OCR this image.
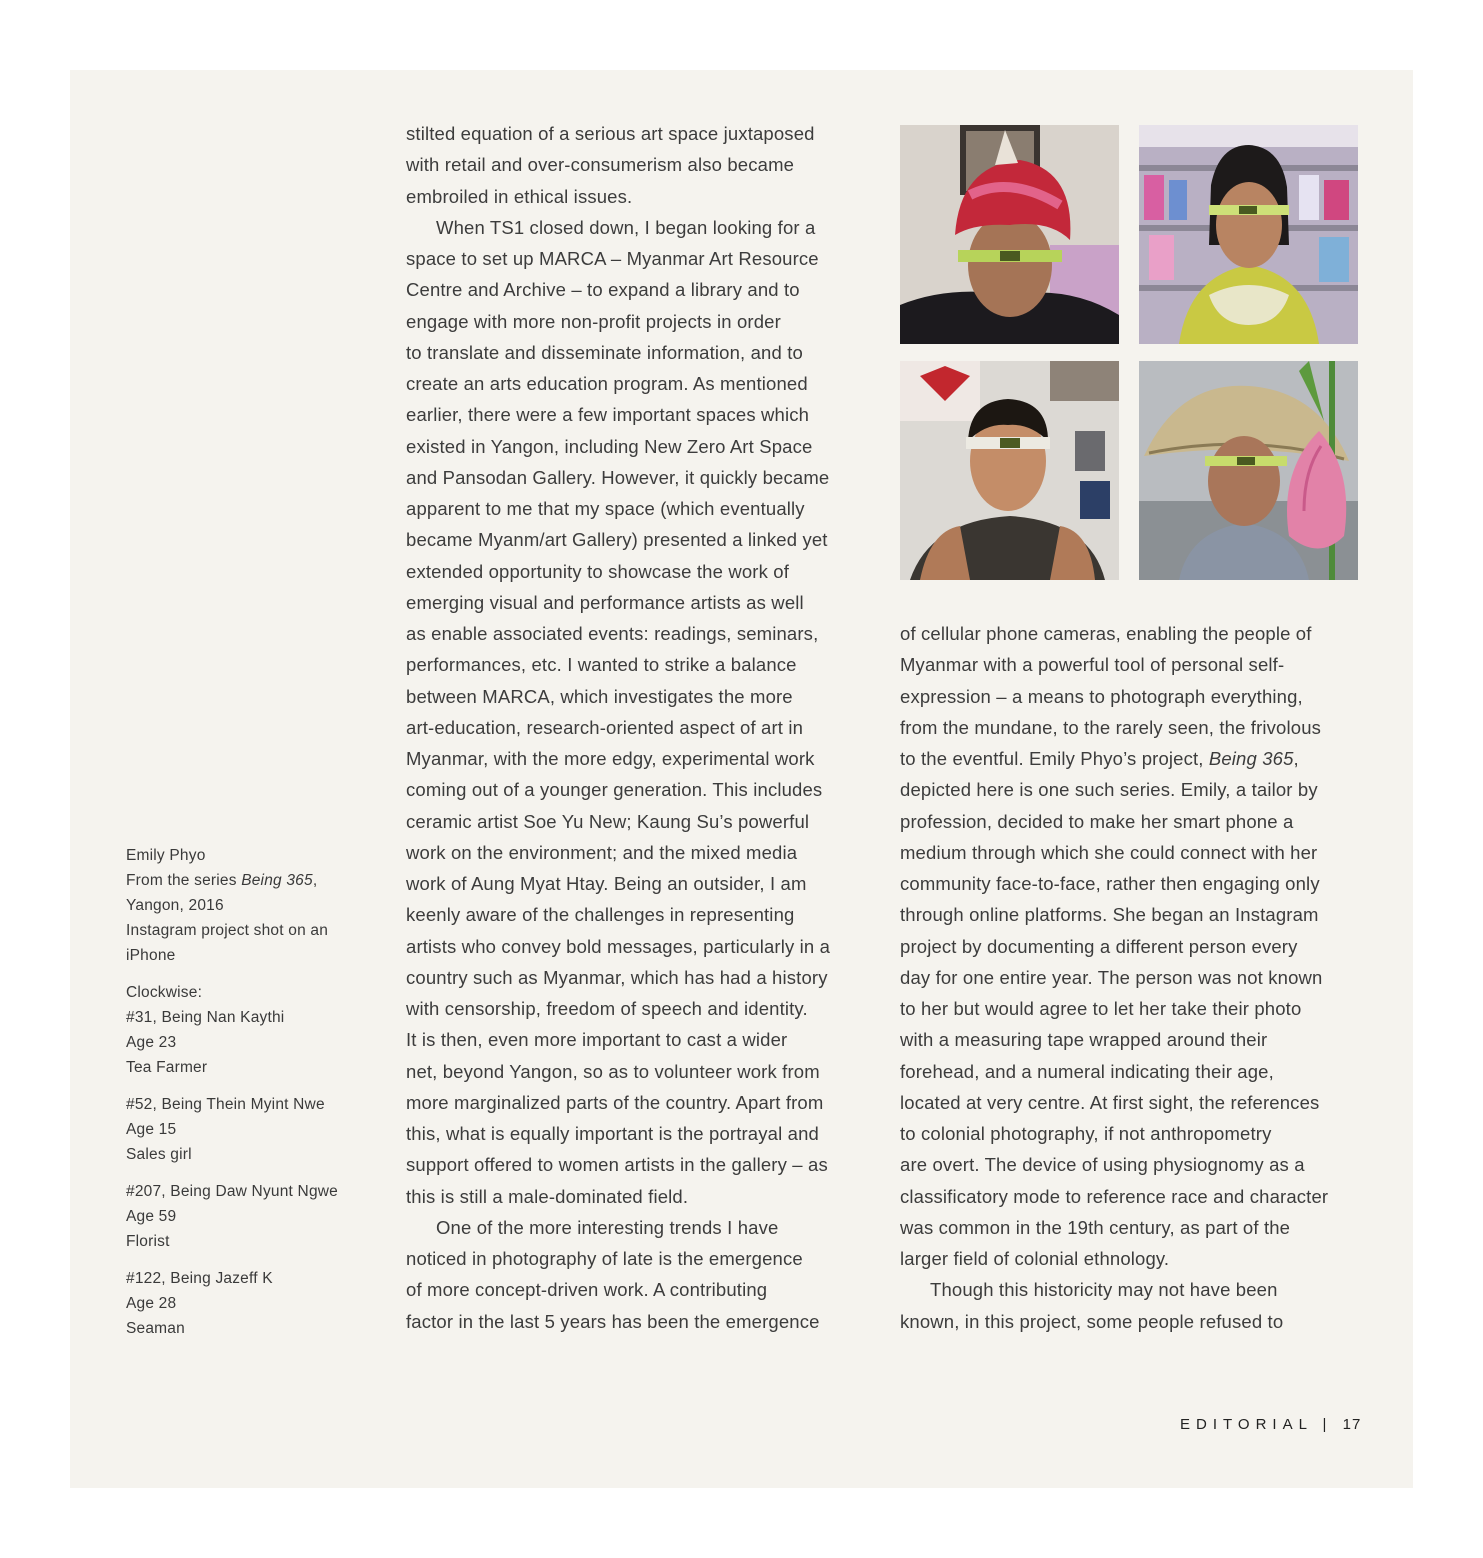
Emily Phyo
From the series Being 365,
Yangon, 2016
Instagram project shot on an
iPhone
Clockwise:
#31, Being Nan Kaythi
Age 23
Tea Farmer
#52, Being Thein Myint Nwe
Age 15
Sales girl
#207, Being Daw Nyunt Ngwe
Age 59
Florist
#122, Being Jazeff K
Age 28
Seaman
stilted equation of a serious art space juxtaposed
with retail and over-consumerism also became
embroiled in ethical issues.
When TS1 closed down, I began looking for a
space to set up MARCA – Myanmar Art Resource
Centre and Archive – to expand a library and to
engage with more non-profit projects in order
to translate and disseminate information, and to
create an arts education program. As mentioned
earlier, there were a few important spaces which
existed in Yangon, including New Zero Art Space
and Pansodan Gallery. However, it quickly became
apparent to me that my space (which eventually
became Myanm/art Gallery) presented a linked yet
extended opportunity to showcase the work of
emerging visual and performance artists as well
as enable associated events: readings, seminars,
performances, etc. I wanted to strike a balance
between MARCA, which investigates the more
art-education, research-oriented aspect of art in
Myanmar, with the more edgy, experimental work
coming out of a younger generation. This includes
ceramic artist Soe Yu New; Kaung Su’s powerful
work on the environment; and the mixed media
work of Aung Myat Htay. Being an outsider, I am
keenly aware of the challenges in representing
artists who convey bold messages, particularly in a
country such as Myanmar, which has had a history
with censorship, freedom of speech and identity.
It is then, even more important to cast a wider
net, beyond Yangon, so as to volunteer work from
more marginalized parts of the country. Apart from
this, what is equally important is the portrayal and
support offered to women artists in the gallery – as
this is still a male-dominated field.
One of the more interesting trends I have
noticed in photography of late is the emergence
of more concept-driven work. A contributing
factor in the last 5 years has been the emergence
of cellular phone cameras, enabling the people of
Myanmar with a powerful tool of personal self-
expression – a means to photograph everything,
from the mundane, to the rarely seen, the frivolous
to the eventful. Emily Phyo’s project, Being 365,
depicted here is one such series. Emily, a tailor by
profession, decided to make her smart phone a
medium through which she could connect with her
community face-to-face, rather then engaging only
through online platforms. She began an Instagram
project by documenting a different person every
day for one entire year. The person was not known
to her but would agree to let her take their photo
with a measuring tape wrapped around their
forehead, and a numeral indicating their age,
located at very centre. At first sight, the references
to colonial photography, if not anthropometry
are overt. The device of using physiognomy as a
classificatory mode to reference race and character
was common in the 19th century, as part of the
larger field of colonial ethnology.
Though this historicity may not have been
known, in this project, some people refused to
EDITORIAL | 17
